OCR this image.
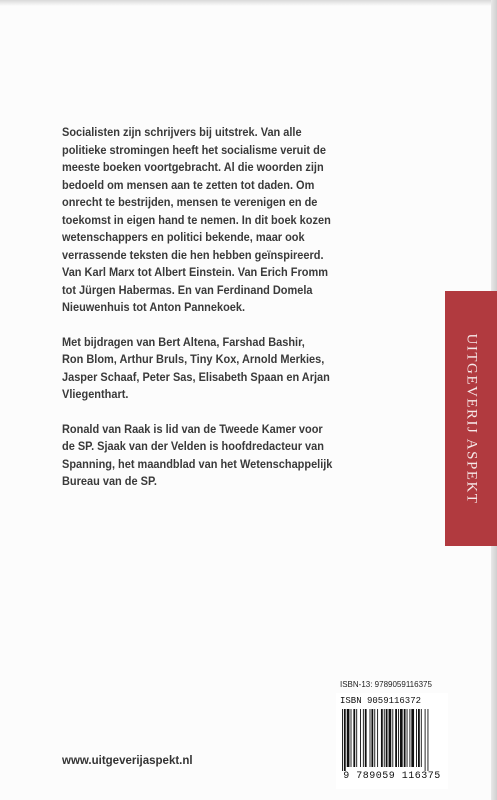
Socialisten zijn schrijvers bij uitstrek. Van alle
politieke stromingen heeft het socialisme veruit de
meeste boeken voortgebracht. Al die woorden zijn
bedoeld om mensen aan te zetten tot daden. Om
onrecht te bestrijden, mensen te verenigen en de
toekomst in eigen hand te nemen. In dit boek kozen
wetenschappers en politici bekende, maar ook
verrassende teksten die hen hebben geïnspireerd.
Van Karl Marx tot Albert Einstein. Van Erich Fromm
tot Jürgen Habermas. En van Ferdinand Domela
Nieuwenhuis tot Anton Pannekoek.

Met bijdragen van Bert Altena, Farshad Bashir,
Ron Blom, Arthur Bruls, Tiny Kox, Arnold Merkies,
Jasper Schaaf, Peter Sas, Elisabeth Spaan en Arjan
Vliegenthart.

Ronald van Raak is lid van de Tweede Kamer voor
de SP. Sjaak van der Velden is hoofdredacteur van
Spanning, het maandblad van het Wetenschappelijk
Bureau van de SP.	UITGEVERIJ ASPEKT
ISBN-13: 9789059116375
ISBN 9059116372
9 789059 116375
www.uitgeverijaspekt.nl
